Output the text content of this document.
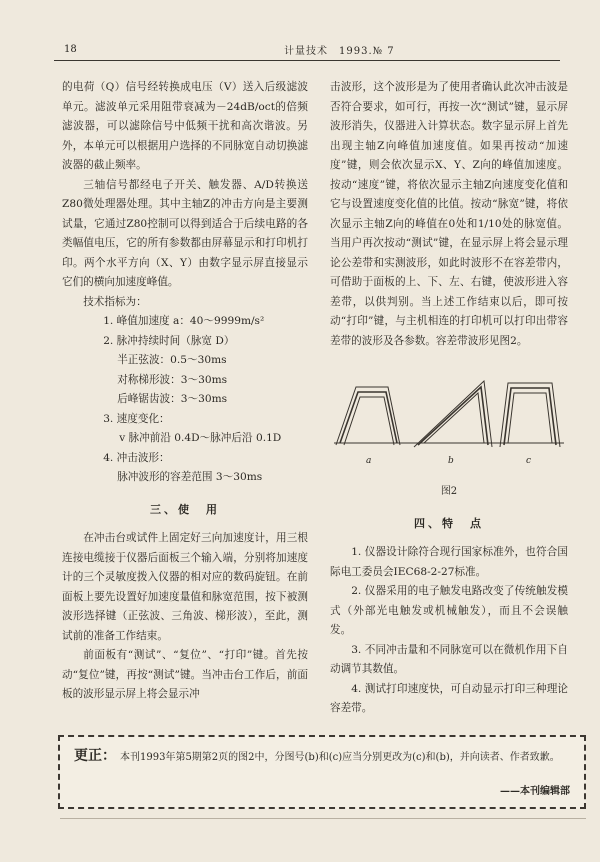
18	计量技术　1993.№ 7

的电荷（Q）信号经转换成电压（V）送入后级滤波单元。滤波单元采用阻带衰减为－24dB/oct的倍频滤波器，可以滤除信号中低频干扰和高次谐波。另外，本单元可以根据用户选择的不同脉宽自动切换滤波器的截止频率。

三轴信号都经电子开关、触发器、A/D转换送Z80微处理器处理。其中主轴Z的冲击方向是主要测试量，它通过Z80控制可以得到适合于后续电路的各类幅值电压，它的所有参数都由屏幕显示和打印机打印。两个水平方向（X、Y）由数字显示屏直接显示它们的横向加速度峰值。

技术指标为：

1. 峰值加速度 a：40～9999m/s²

2. 脉冲持续时间（脉宽 D）

半正弦波：0.5～30ms

对称梯形波：3～30ms

后峰锯齿波：3～30ms

3. 速度变化：

v 脉冲前沿 0.4D～脉冲后沿 0.1D

4. 冲击波形：

脉冲波形的容差范围 3～30ms

三、使　用

在冲击台或试件上固定好三向加速度计，用三根连接电缆接于仪器后面板三个输入端，分别将加速度计的三个灵敏度拨入仪器的相对应的数码旋钮。在前面板上要先设置好加速度量值和脉宽范围，按下被测波形选择键（正弦波、三角波、梯形波），至此，测试前的准备工作结束。

前面板有“测试”、“复位”、“打印”键。首先按动“复位”键，再按“测试”键。当冲击台工作后，前面板的波形显示屏上将会显示冲

击波形，这个波形是为了使用者确认此次冲击波是否符合要求，如可行，再按一次“测试”键，显示屏波形消失，仪器进入计算状态。数字显示屏上首先出现主轴Z向峰值加速度值。如果再按动“加速度”键，则会依次显示X、Y、Z向的峰值加速度。按动“速度”键，将依次显示主轴Z向速度变化值和它与设置速度变化值的比值。按动“脉宽”键，将依次显示主轴Z向的峰值在0处和1/10处的脉宽值。当用户再次按动“测试”键，在显示屏上将会显示理论公差带和实测波形，如此时波形不在容差带内，可借助于面板的上、下、左、右键，使波形进入容差带，以供判别。当上述工作结束以后，即可按动“打印”键，与主机相连的打印机可以打印出带容差带的波形及各参数。容差带波形见图2。

a	b	c
图2
四、特　点

1. 仪器设计除符合现行国家标准外，也符合国际电工委员会IEC68-2-27标准。

2. 仪器采用的电子触发电路改变了传统触发模式（外部光电触发或机械触发），而且不会误触发。

3. 不同冲击量和不同脉宽可以在微机作用下自动调节其数值。

4. 测试打印速度快，可自动显示打印三种理论容差带。

更正： 本刊1993年第5期第2页的图2中，分图号(b)和(c)应当分别更改为(c)和(b)，并向读者、作者致歉。
——本刊编辑部
